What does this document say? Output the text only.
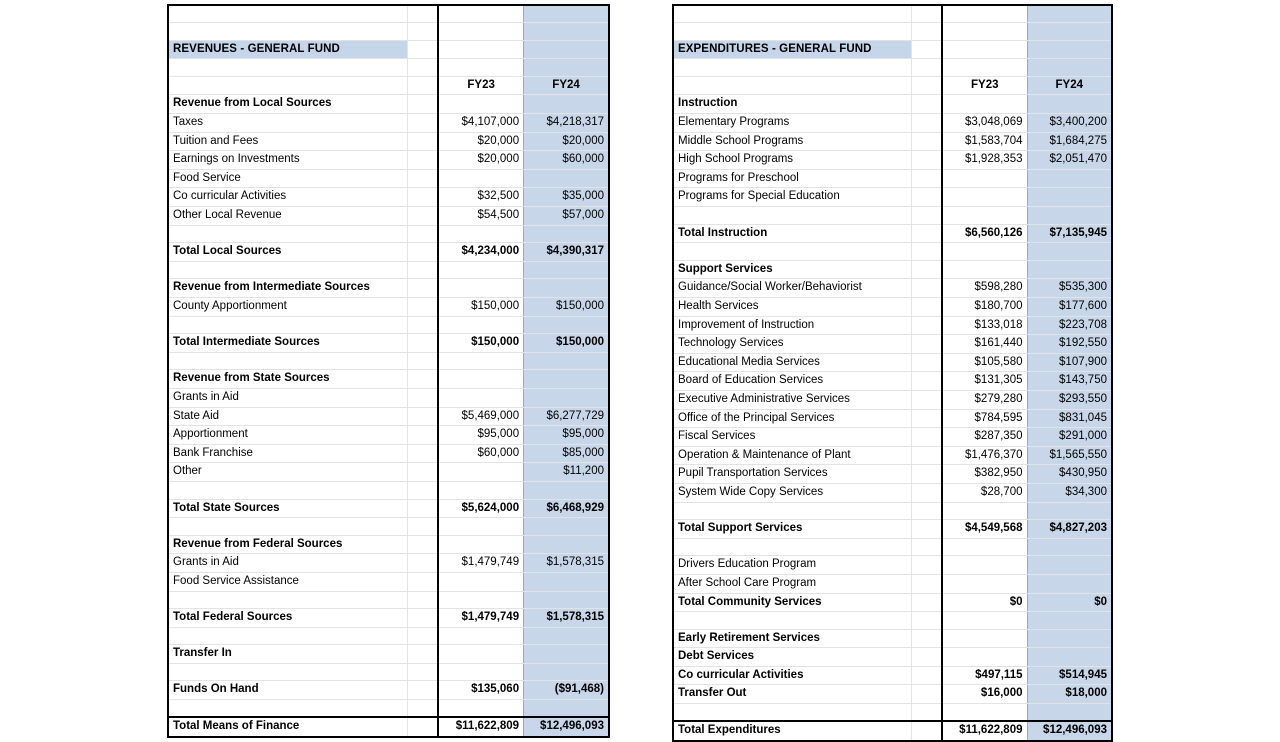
REVENUES - GENERAL FUND			

		FY23	FY24
Revenue from Local Sources			
Taxes		$4,107,000	$4,218,317
Tuition and Fees		$20,000	$20,000
Earnings on Investments		$20,000	$60,000
Food Service			
Co curricular Activities		$32,500	$35,000
Other Local Revenue		$54,500	$57,000

Total Local Sources		$4,234,000	$4,390,317

Revenue from Intermediate Sources			
County Apportionment		$150,000	$150,000

Total Intermediate Sources		$150,000	$150,000

Revenue from State Sources			
Grants in Aid			
State Aid		$5,469,000	$6,277,729
Apportionment		$95,000	$95,000
Bank Franchise		$60,000	$85,000
Other			$11,200

Total State Sources		$5,624,000	$6,468,929

Revenue from Federal Sources			
Grants in Aid		$1,479,749	$1,578,315
Food Service Assistance			

Total Federal Sources		$1,479,749	$1,578,315

Transfer In			

Funds On Hand		$135,060	($91,468)

Total Means of Finance		$11,622,809	$12,496,093

EXPENDITURES - GENERAL FUND			

		FY23	FY24
Instruction			
Elementary Programs		$3,048,069	$3,400,200
Middle School Programs		$1,583,704	$1,684,275
High School Programs		$1,928,353	$2,051,470
Programs for Preschool			
Programs for Special Education			

Total Instruction		$6,560,126	$7,135,945

Support Services			
Guidance/Social Worker/Behaviorist		$598,280	$535,300
Health Services		$180,700	$177,600
Improvement of Instruction		$133,018	$223,708
Technology Services		$161,440	$192,550
Educational Media Services		$105,580	$107,900
Board of Education Services		$131,305	$143,750
Executive Administrative Services		$279,280	$293,550
Office of the Principal Services		$784,595	$831,045
Fiscal Services		$287,350	$291,000
Operation & Maintenance of Plant		$1,476,370	$1,565,550
Pupil Transportation Services		$382,950	$430,950
System Wide Copy Services		$28,700	$34,300

Total Support Services		$4,549,568	$4,827,203

Drivers Education Program			
After School Care Program			
Total Community Services		$0	$0

Early Retirement Services			
Debt Services			
Co curricular Activities		$497,115	$514,945
Transfer Out		$16,000	$18,000

Total Expenditures		$11,622,809	$12,496,093
